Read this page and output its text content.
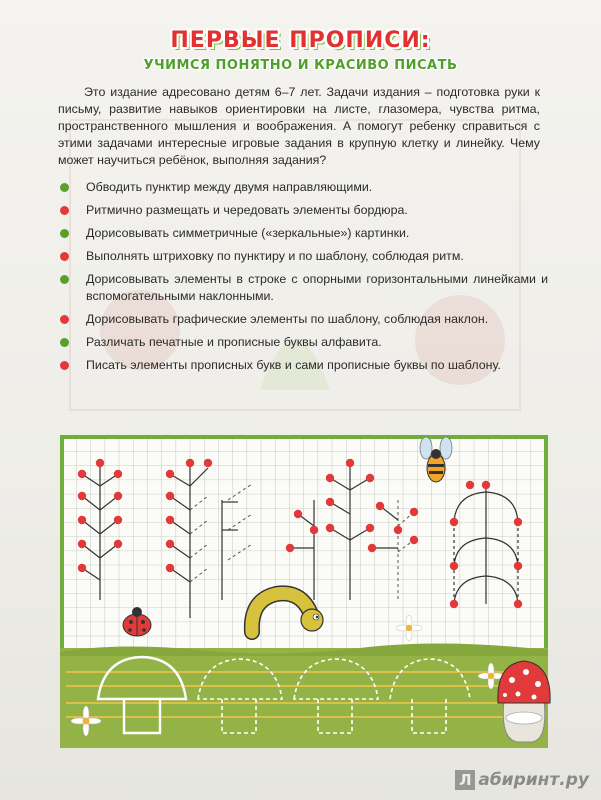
ПЕРВЫЕ ПРОПИСИ:
УЧИМСЯ ПОНЯТНО И КРАСИВО ПИСАТЬ

Это издание адресовано детям 6–7 лет. Задачи издания – подготовка руки к письму, развитие навыков ориентировки на листе, глазомера, чувства ритма, пространственного мышления и воображения. А помогут ребенку справиться с этими задачами интересные игровые задания в крупную клетку и линейку. Чему может научиться ребёнок, выполняя задания?

Обводить пунктир между двумя направляющими.
Ритмично размещать и чередовать элементы бордюра.
Дорисовывать симметричные («зеркальные») картинки.
Выполнять штриховку по пунктиру и по шаблону, соблюдая ритм.
Дорисовывать элементы в строке с опорными горизонтальными линейками и вспомогательными наклонными.
Дорисовывать графические элементы по шаблону, соблюдая наклон.
Различать печатные и прописные буквы алфавита.
Писать элементы прописных букв и сами прописные буквы по шаблону.
Л абиринт.ру
